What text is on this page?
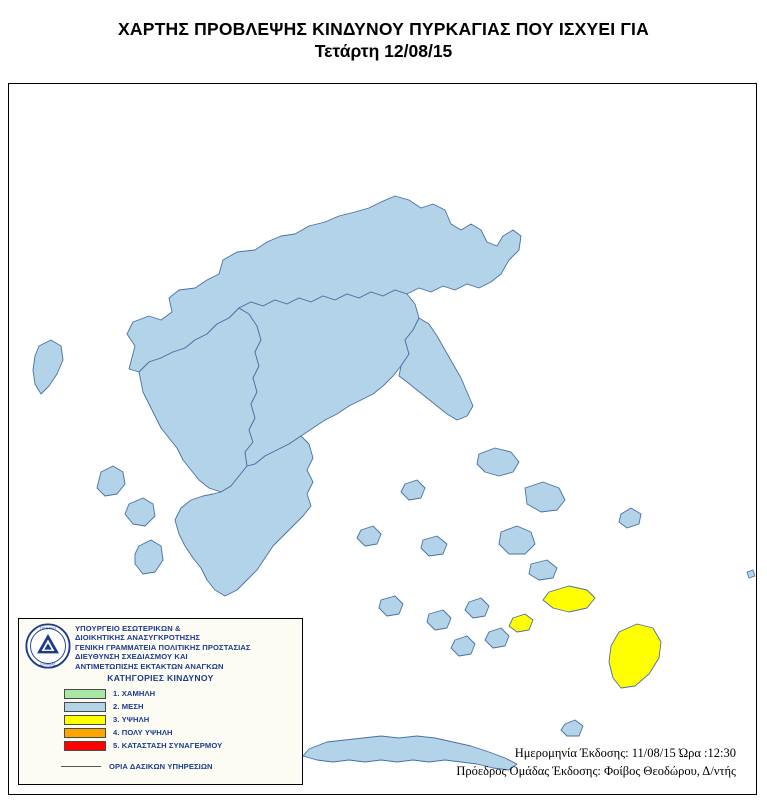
ΧΑΡΤΗΣ ΠΡΟΒΛΕΨΗΣ ΚΙΝΔΥΝΟΥ ΠΥΡΚΑΓΙΑΣ ΠΟΥ ΙΣΧΥΕΙ ΓΙΑ
Τετάρτη 12/08/15
ΠΟΛΙΤΙΚΗ
ΕΛΛΑΔΑΣ
ΥΠΟΥΡΓΕΙΟ ΕΣΩΤΕΡΙΚΩΝ &
ΔΙΟΙΚΗΤΙΚΗΣ ΑΝΑΣΥΓΚΡΟΤΗΣΗΣ
ΓΕΝΙΚΗ ΓΡΑΜΜΑΤΕΙΑ ΠΟΛΙΤΙΚΗΣ ΠΡΟΣΤΑΣΙΑΣ
ΔΙΕΥΘΥΝΣΗ ΣΧΕΔΙΑΣΜΟΥ ΚΑΙ
ΑΝΤΙΜΕΤΩΠΙΣΗΣ ΕΚΤΑΚΤΩΝ ΑΝΑΓΚΩΝ
ΚΑΤΗΓΟΡΙΕΣ ΚΙΝΔΥΝΟΥ
1. ΧΑΜΗΛΗ
2. ΜΕΣΗ
3. ΥΨΗΛΗ
4. ΠΟΛΥ ΥΨΗΛΗ
5. ΚΑΤΑΣΤΑΣΗ ΣΥΝΑΓΕΡΜΟΥ
ΟΡΙΑ ΔΑΣΙΚΩΝ ΥΠΗΡΕΣΙΩΝ
Ημερομηνία Έκδοσης: 11/08/15 Ώρα :12:30
Πρόεδρος Ομάδας Έκδοσης: Φοίβος Θεοδώρου, Δ/ντής
